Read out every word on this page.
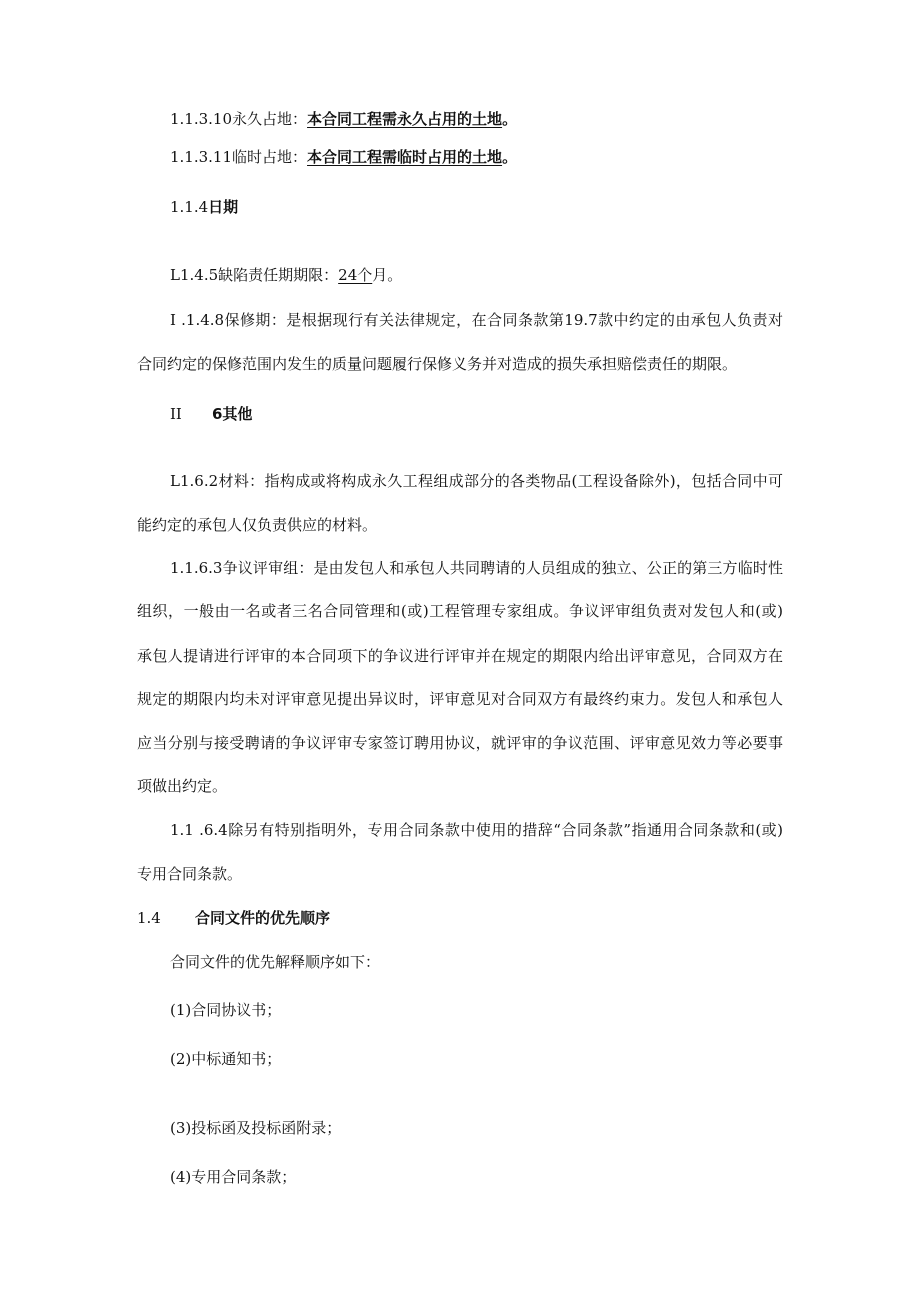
1.1.3.10永久占地：本合同工程需永久占用的土地。
1.1.3.11临时占地：本合同工程需临时占用的土地。
1.1.4日期
L1.4.5缺陷责任期期限：24个月。
I .1.4.8保修期：是根据现行有关法律规定，在合同条款第19.7款中约定的由承包人负责对
合同约定的保修范围内发生的质量问题履行保修义务并对造成的损失承担赔偿责任的期限。
II 6其他
L1.6.2材料：指构成或将构成永久工程组成部分的各类物品(工程设备除外)，包括合同中可
能约定的承包人仅负责供应的材料。
1.1.6.3争议评审组：是由发包人和承包人共同聘请的人员组成的独立、公正的第三方临时性
组织，一般由一名或者三名合同管理和(或)工程管理专家组成。争议评审组负责对发包人和(或)
承包人提请进行评审的本合同项下的争议进行评审并在规定的期限内给出评审意见，合同双方在
规定的期限内均未对评审意见提出异议时，评审意见对合同双方有最终约束力。发包人和承包人
应当分别与接受聘请的争议评审专家签订聘用协议，就评审的争议范围、评审意见效力等必要事
项做出约定。
1.1 .6.4除另有特别指明外，专用合同条款中使用的措辞“合同条款”指通用合同条款和(或)
专用合同条款。
1.4 合同文件的优先顺序
合同文件的优先解释顺序如下：
(1)合同协议书；
(2)中标通知书；
(3)投标函及投标函附录；
(4)专用合同条款；
